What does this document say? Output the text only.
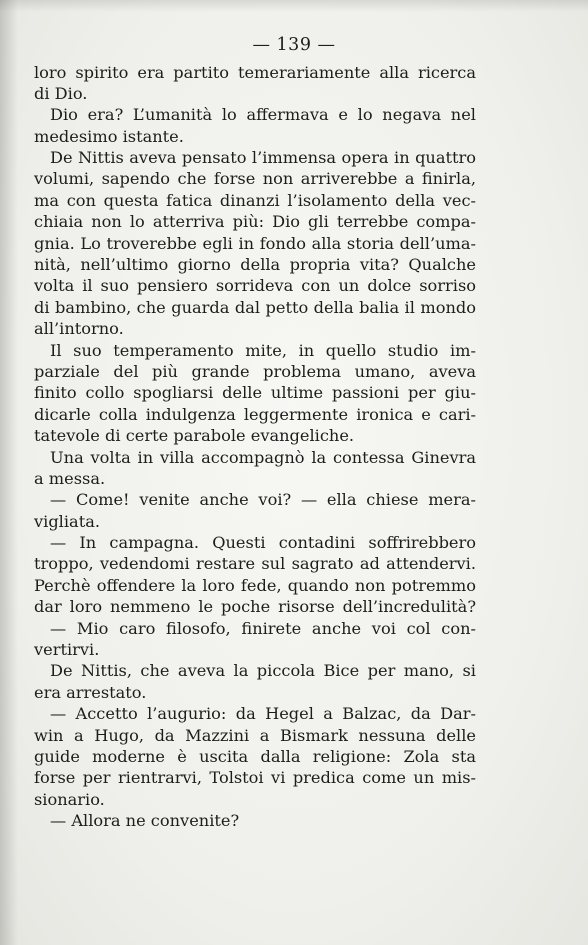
— 139 —
loro spirito era partito temerariamente alla ricerca
di Dio.
Dio era? L’umanità lo affermava e lo negava nel
medesimo istante.
De Nittis aveva pensato l’immensa opera in quattro
volumi, sapendo che forse non arriverebbe a finirla,
ma con questa fatica dinanzi l’isolamento della vec-
chiaia non lo atterriva più: Dio gli terrebbe compa-
gnia. Lo troverebbe egli in fondo alla storia dell’uma-
nità, nell’ultimo giorno della propria vita? Qualche
volta il suo pensiero sorrideva con un dolce sorriso
di bambino, che guarda dal petto della balia il mondo
all’intorno.
Il suo temperamento mite, in quello studio im-
parziale del più grande problema umano, aveva
finito collo spogliarsi delle ultime passioni per giu-
dicarle colla indulgenza leggermente ironica e cari-
tatevole di certe parabole evangeliche.
Una volta in villa accompagnò la contessa Ginevra
a messa.
— Come! venite anche voi? — ella chiese mera-
vigliata.
— In campagna. Questi contadini soffrirebbero
troppo, vedendomi restare sul sagrato ad attendervi.
Perchè offendere la loro fede, quando non potremmo
dar loro nemmeno le poche risorse dell’incredulità?
— Mio caro filosofo, finirete anche voi col con-
vertirvi.
De Nittis, che aveva la piccola Bice per mano, si
era arrestato.
— Accetto l’augurio: da Hegel a Balzac, da Dar-
win a Hugo, da Mazzini a Bismark nessuna delle
guide moderne è uscita dalla religione: Zola sta
forse per rientrarvi, Tolstoi vi predica come un mis-
sionario.
— Allora ne convenite?
